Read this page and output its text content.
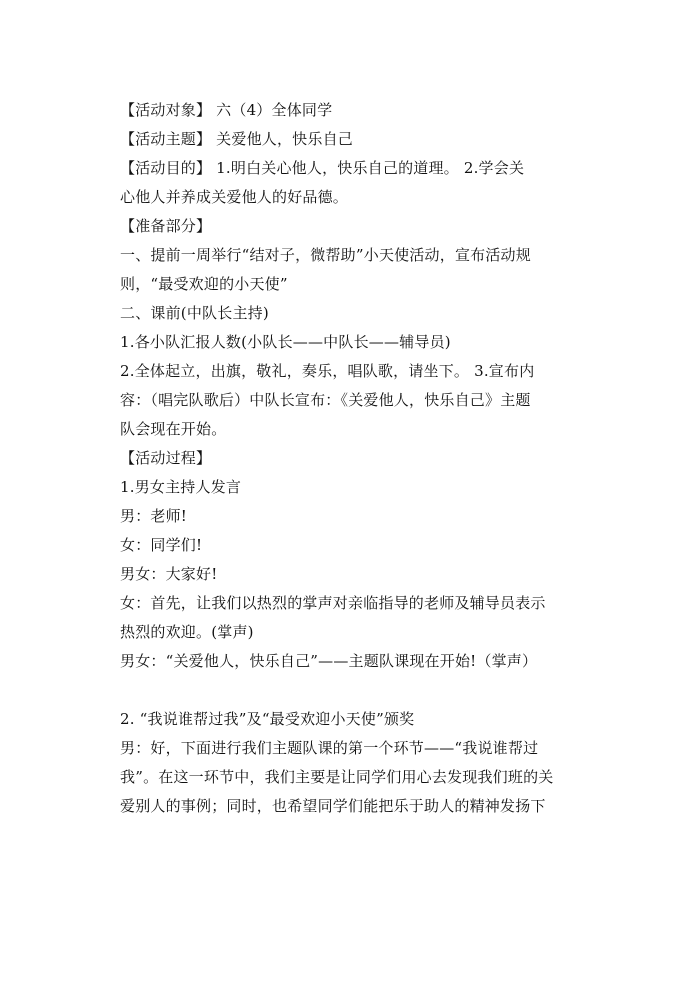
【活动对象】 六（4）全体同学
【活动主题】 关爱他人，快乐自己
【活动目的】 1.明白关心他人，快乐自己的道理。 2.学会关
心他人并养成关爱他人的好品德。
【准备部分】
一、提前一周举行“结对子，微帮助”小天使活动，宣布活动规
则，“最受欢迎的小天使”
二、课前(中队长主持)
1.各小队汇报人数(小队长——中队长——辅导员)
2.全体起立，出旗，敬礼，奏乐，唱队歌，请坐下。 3.宣布内
容：（唱完队歌后）中队长宣布：《关爱他人，快乐自己》主题
队会现在开始。
【活动过程】
1.男女主持人发言
男：老师!
女：同学们!
男女：大家好!
女：首先，让我们以热烈的掌声对亲临指导的老师及辅导员表示
热烈的欢迎。(掌声)
男女：“关爱他人，快乐自己”——主题队课现在开始!（掌声）
2. “我说谁帮过我”及“最受欢迎小天使”颁奖
男：好，下面进行我们主题队课的第一个环节——“我说谁帮过
我”。在这一环节中，我们主要是让同学们用心去发现我们班的关
爱别人的事例；同时，也希望同学们能把乐于助人的精神发扬下
